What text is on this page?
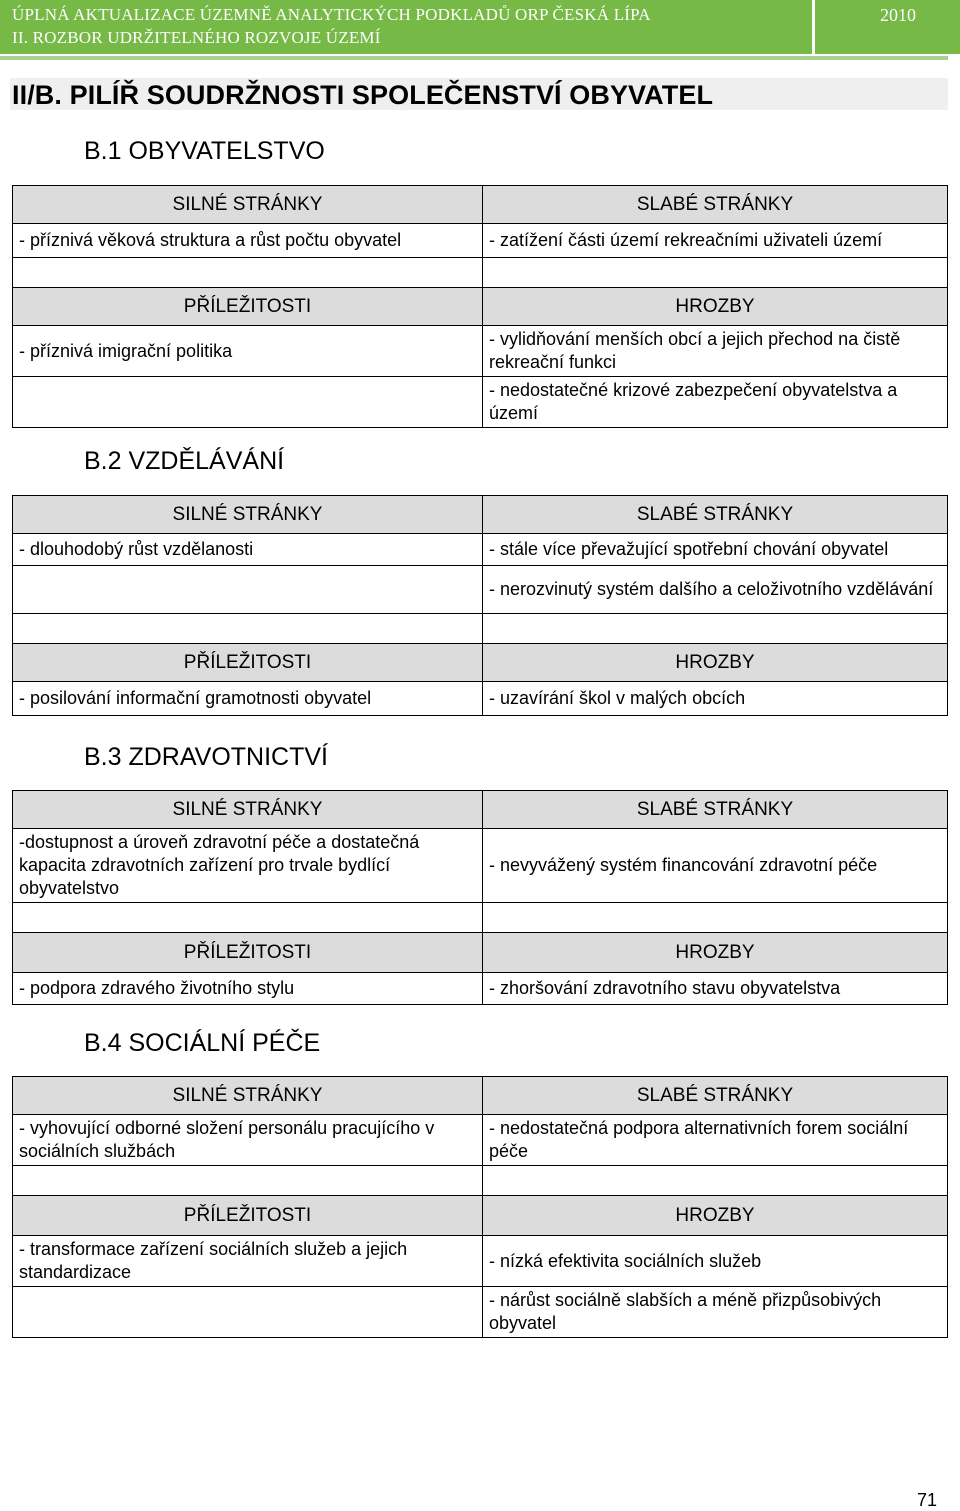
ÚPLNÁ AKTUALIZACE ÚZEMNĚ ANALYTICKÝCH PODKLADŮ ORP ČESKÁ LÍPA
II. ROZBOR UDRŽITELNÉHO ROZVOJE ÚZEMÍ
2010
II/B. PILÍŘ SOUDRŽNOSTI SPOLEČENSTVÍ OBYVATEL
B.1 OBYVATELSTVO
SILNÉ STRÁNKY	SLABÉ STRÁNKY
- příznivá věková struktura a růst počtu obyvatel	- zatížení části území rekreačními uživateli území

PŘÍLEŽITOSTI	HROZBY
- příznivá imigrační politika	- vylidňování menších obcí a jejich přechod na čistě rekreační funkci
	- nedostatečné krizové zabezpečení obyvatelstva a území
B.2 VZDĚLÁVÁNÍ
SILNÉ STRÁNKY	SLABÉ STRÁNKY
- dlouhodobý růst vzdělanosti	- stále více převažující spotřební chování obyvatel
	- nerozvinutý systém dalšího a celoživotního vzdělávání

PŘÍLEŽITOSTI	HROZBY
- posilování informační gramotnosti obyvatel	- uzavírání škol v malých obcích
B.3 ZDRAVOTNICTVÍ
SILNÉ STRÁNKY	SLABÉ STRÁNKY
-dostupnost a úroveň zdravotní péče a dostatečná kapacita zdravotních zařízení pro trvale bydlící obyvatelstvo	- nevyvážený systém financování zdravotní péče

PŘÍLEŽITOSTI	HROZBY
- podpora zdravého životního stylu	- zhoršování zdravotního stavu obyvatelstva
B.4 SOCIÁLNÍ PÉČE
SILNÉ STRÁNKY	SLABÉ STRÁNKY
- vyhovující odborné složení personálu pracujícího v sociálních službách	- nedostatečná podpora alternativních forem sociální péče

PŘÍLEŽITOSTI	HROZBY
- transformace zařízení sociálních služeb a jejich standardizace	- nízká efektivita sociálních služeb
	- nárůst sociálně slabších a méně přizpůsobivých obyvatel
71
